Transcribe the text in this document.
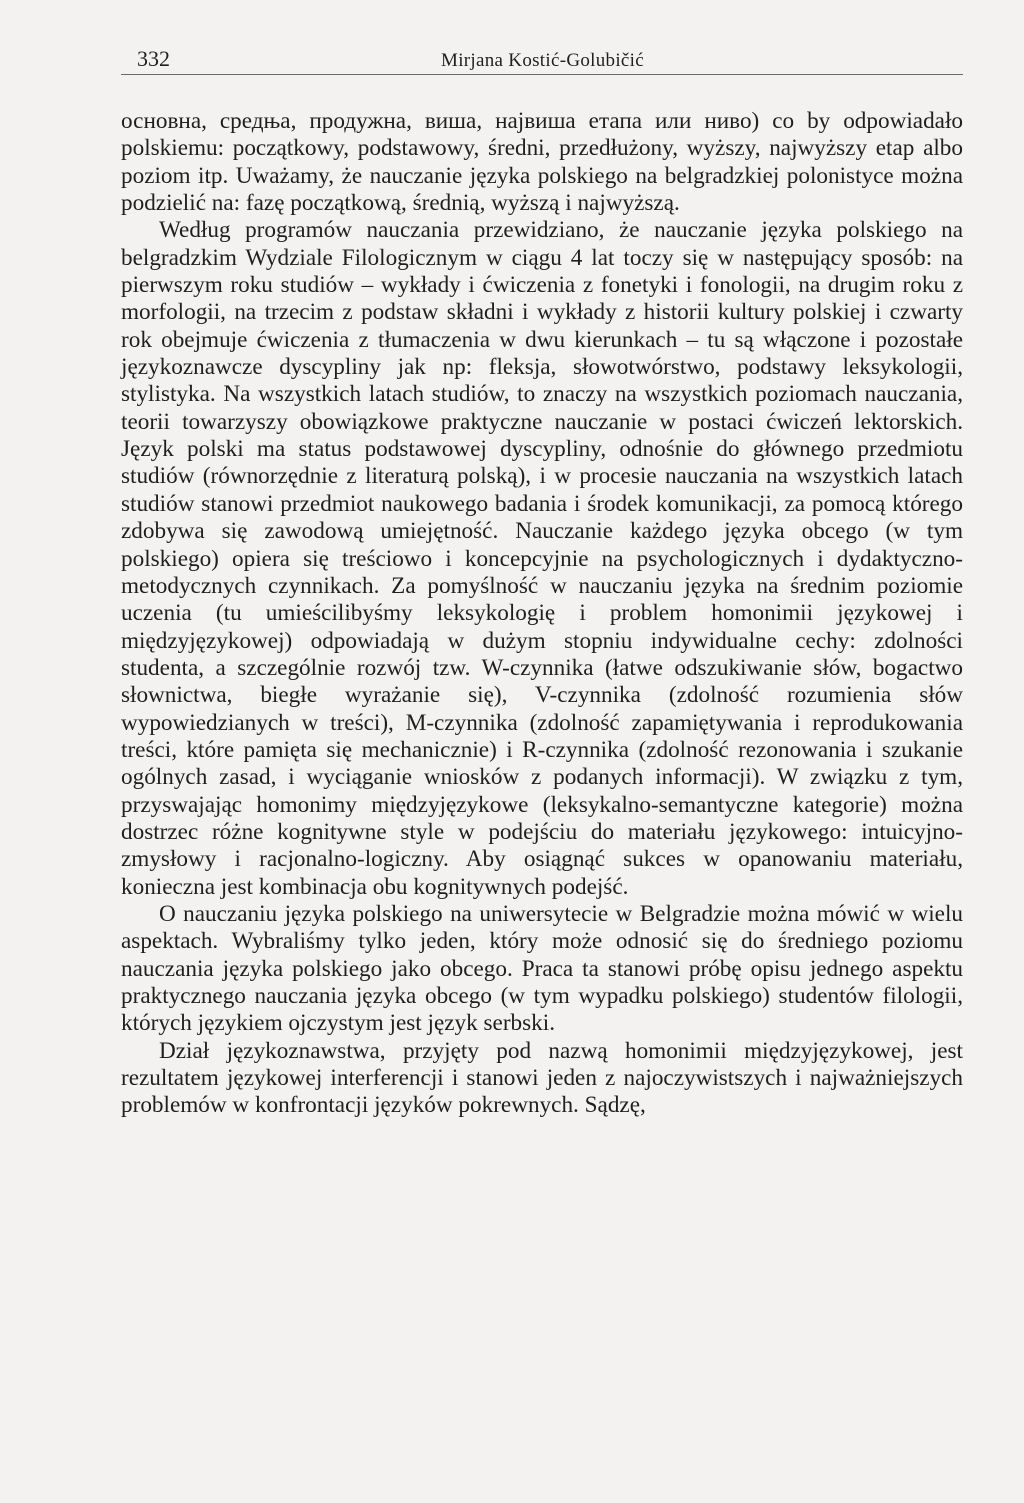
332	Mirjana Kostić-Golubičić

основна, средња, продужна, виша, највиша етапа или ниво) co by odpowiadało polskiemu: początkowy, podstawowy, średni, przedłużony, wyższy, najwyższy etap albo poziom itp. Uważamy, że nauczanie języka polskiego na belgradzkiej polonistyce można podzielić na: fazę początkową, średnią, wyższą i najwyższą.

Według programów nauczania przewidziano, że nauczanie języka polskiego na belgradzkim Wydziale Filologicznym w ciągu 4 lat toczy się w następujący sposób: na pierwszym roku studiów – wykłady i ćwiczenia z fonetyki i fonologii, na drugim roku z morfologii, na trzecim z podstaw składni i wykłady z historii kultury polskiej i czwarty rok obejmuje ćwiczenia z tłumaczenia w dwu kierunkach – tu są włączone i pozostałe językoznawcze dyscypliny jak np: fleksja, słowotwórstwo, podstawy leksykologii, stylistyka. Na wszystkich latach studiów, to znaczy na wszystkich poziomach nauczania, teorii towarzyszy obowiązkowe praktyczne nauczanie w postaci ćwiczeń lektorskich. Język polski ma status podstawowej dyscypliny, odnośnie do głównego przedmiotu studiów (równorzędnie z literaturą polską), i w procesie nauczania na wszystkich latach studiów stanowi przedmiot naukowego badania i środek komunikacji, za pomocą którego zdobywa się zawodową umiejętność. Nauczanie każdego języka obcego (w tym polskiego) opiera się treściowo i koncepcyjnie na psychologicznych i dydaktyczno-metodycznych czynnikach. Za pomyślność w nauczaniu języka na średnim poziomie uczenia (tu umieścilibyśmy leksykologię i problem homonimii językowej i międzyjęzykowej) odpowiadają w dużym stopniu indywidualne cechy: zdolności studenta, a szczególnie rozwój tzw. W-czynnika (łatwe odszukiwanie słów, bogactwo słownictwa, biegłe wyrażanie się), V-czynnika (zdolność rozumienia słów wypowiedzianych w treści), M-czynnika (zdolność zapamiętywania i reprodukowania treści, które pamięta się mechanicznie) i R-czynnika (zdolność rezonowania i szukanie ogólnych zasad, i wyciąganie wniosków z podanych informacji). W związku z tym, przyswajając homonimy międzyjęzykowe (leksykalno-semantyczne kategorie) można dostrzec różne kognitywne style w podejściu do materiału językowego: intuicyjno-zmysłowy i racjonalno-logiczny. Aby osiągnąć sukces w opanowaniu materiału, konieczna jest kombinacja obu kognitywnych podejść.

O nauczaniu języka polskiego na uniwersytecie w Belgradzie można mówić w wielu aspektach. Wybraliśmy tylko jeden, który może odnosić się do średniego poziomu nauczania języka polskiego jako obcego. Praca ta stanowi próbę opisu jednego aspektu praktycznego nauczania języka obcego (w tym wypadku polskiego) studentów filologii, których językiem ojczystym jest język serbski.

Dział językoznawstwa, przyjęty pod nazwą homonimii międzyjęzykowej, jest rezultatem językowej interferencji i stanowi jeden z najoczywistszych i najważniejszych problemów w konfrontacji języków pokrewnych. Sądzę,
